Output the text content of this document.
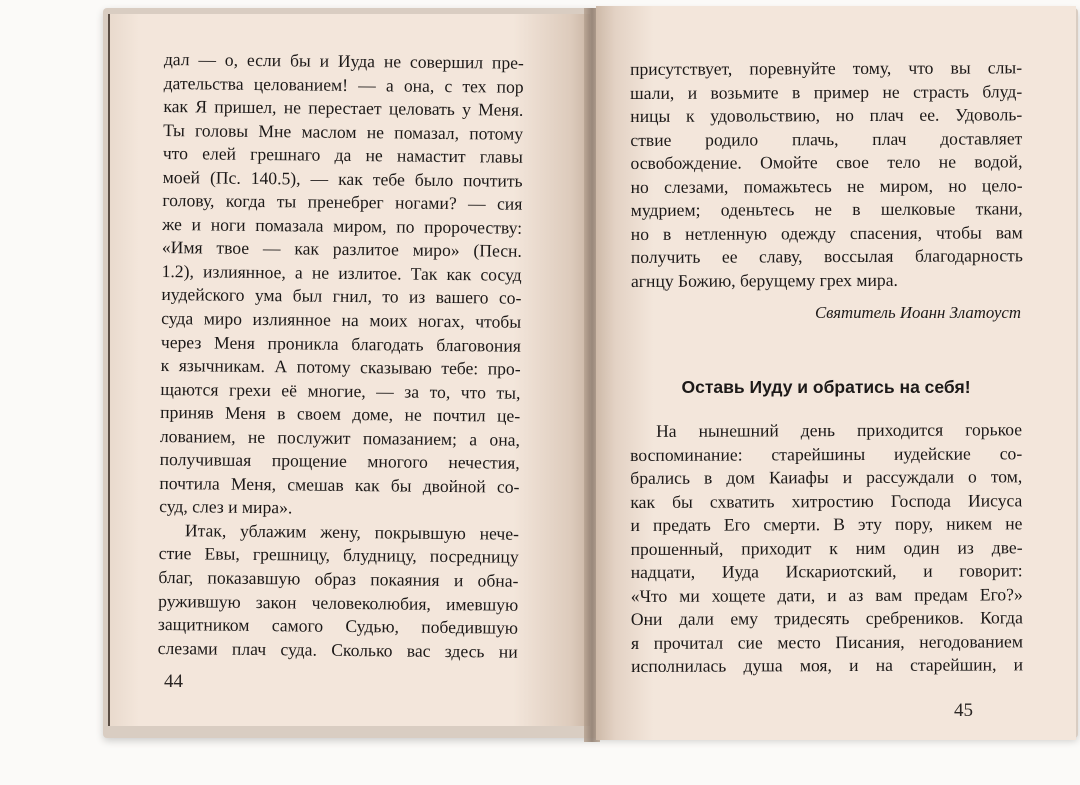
дал — о, если бы и Иуда не совершил пре-
дательства целованием! — а она, с тех пор
как Я пришел, не перестает целовать у Меня.
Ты головы Мне маслом не помазал, потому
что елей грешнаго да не намастит главы
моей (Пс. 140.5), — как тебе было почтить
голову, когда ты пренебрег ногами? — сия
же и ноги помазала миром, по пророчеству:
«Имя твое — как разлитое миро» (Песн.
1.2), излиянное, а не излитое. Так как сосуд
иудейского ума был гнил, то из вашего со-
суда миро излиянное на моих ногах, чтобы
через Меня проникла благодать благовония
к язычникам. А потому сказываю тебе: про-
щаются грехи её многие, — за то, что ты,
приняв Меня в своем доме, не почтил це-
лованием, не послужит помазанием; а она,
получившая прощение многого нечестия,
почтила Меня, смешав как бы двойной со-
суд, слез и мира».
Итак, ублажим жену, покрывшую нече-
стие Евы, грешницу, блудницу, посредницу
благ, показавшую образ покаяния и обна-
ружившую закон человеколюбия, имевшую
защитником самого Судью, победившую
слезами плач суда. Сколько вас здесь ни
44
присутствует, поревнуйте тому, что вы слы-
шали, и возьмите в пример не страсть блуд-
ницы к удовольствию, но плач ее. Удоволь-
ствие родило плачь, плач доставляет
освобождение. Омойте свое тело не водой,
но слезами, помажьтесь не миром, но цело-
мудрием; оденьтесь не в шелковые ткани,
но в нетленную одежду спасения, чтобы вам
получить ее славу, воссылая благодарность
агнцу Божию, берущему грех мира.
Святитель Иоанн Златоуст
Оставь Иуду и обратись на себя!
На нынешний день приходится горькое
воспоминание: старейшины иудейские со-
брались в дом Каиафы и рассуждали о том,
как бы схватить хитростию Господа Иисуса
и предать Его смерти. В эту пору, никем не
прошенный, приходит к ним один из две-
надцати, Иуда Искариотский, и говорит:
«Что ми хощете дати, и аз вам предам Его?»
Они дали ему тридесять сребреников. Когда
я прочитал сие место Писания, негодованием
исполнилась душа моя, и на старейшин, и
45
